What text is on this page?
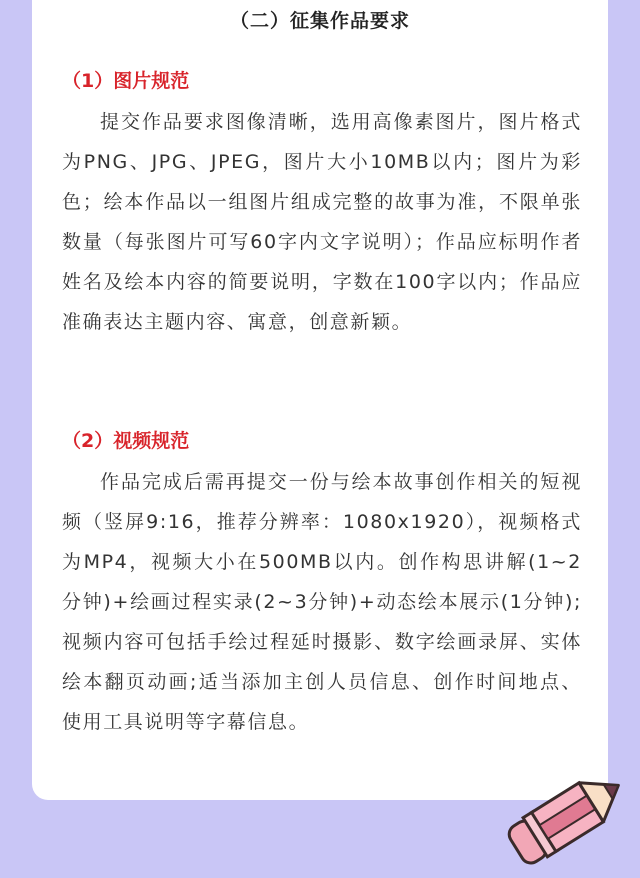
（二）征集作品要求
（1）图片规范

提交作品要求图像清晰，选用高像素图片，图片格式为PNG、JPG、JPEG，图片大小10MB以内；图片为彩色；绘本作品以一组图片组成完整的故事为准，不限单张数量（每张图片可写60字内文字说明）；作品应标明作者姓名及绘本内容的简要说明，字数在100字以内；作品应准确表达主题内容、寓意，创意新颖。

（2）视频规范

作品完成后需再提交一份与绘本故事创作相关的短视频（竖屏9:16，推荐分辨率：1080x1920），视频格式为MP4，视频大小在500MB以内。创作构思讲解(1~2分钟)+绘画过程实录(2~3分钟)+动态绘本展示(1分钟);视频内容可包括手绘过程延时摄影、数字绘画录屏、实体绘本翻页动画;适当添加主创人员信息、创作时间地点、使用工具说明等字幕信息。
